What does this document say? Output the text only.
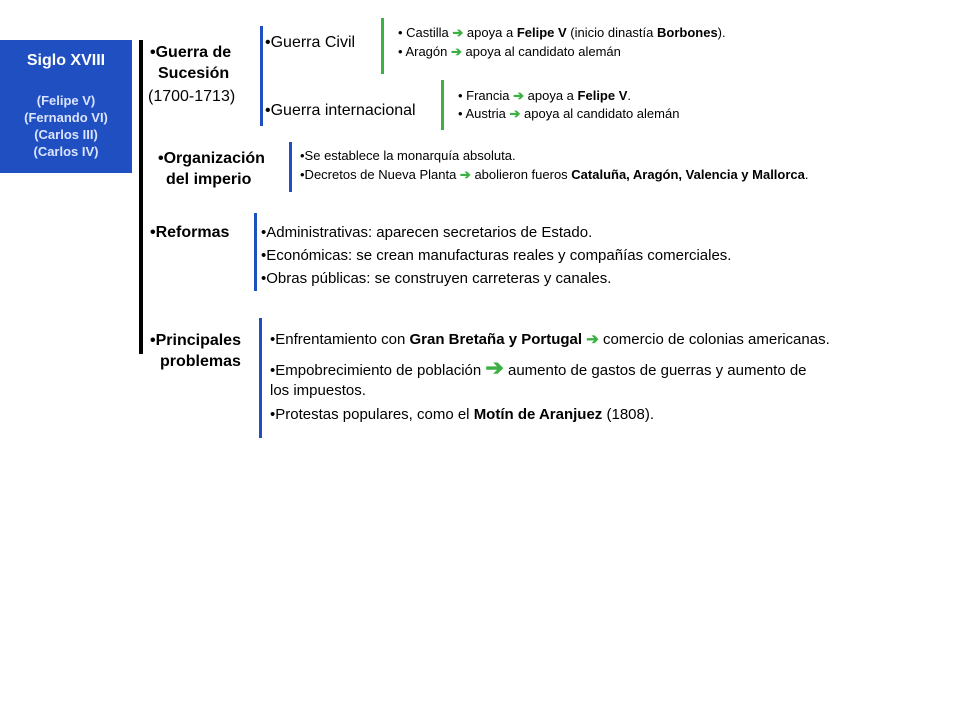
Siglo XVIII
(Felipe V)
(Fernando VI)
(Carlos III)
(Carlos IV)
•Guerra de
Sucesión
(1700-1713)
•Guerra Civil
• Castilla ➔ apoya a Felipe V (inicio dinastía Borbones).
• Aragón ➔ apoya al candidato alemán
•Guerra internacional
• Francia ➔ apoya a Felipe V.
• Austria ➔ apoya al candidato alemán
•Organización
del imperio
•Se establece la monarquía absoluta.
•Decretos de Nueva Planta ➔ abolieron fueros Cataluña, Aragón, Valencia y Mallorca.
•Reformas •Administrativas: aparecen secretarios de Estado.
•Económicas: se crean manufacturas reales y compañías comerciales.
•Obras públicas: se construyen carreteras y canales.
•Principales
problemas
•Enfrentamiento con Gran Bretaña y Portugal ➔ comercio de colonias americanas.
•Empobrecimiento de población ➔ aumento de gastos de guerras y aumento de
los impuestos.
•Protestas populares, como el Motín de Aranjuez (1808).
